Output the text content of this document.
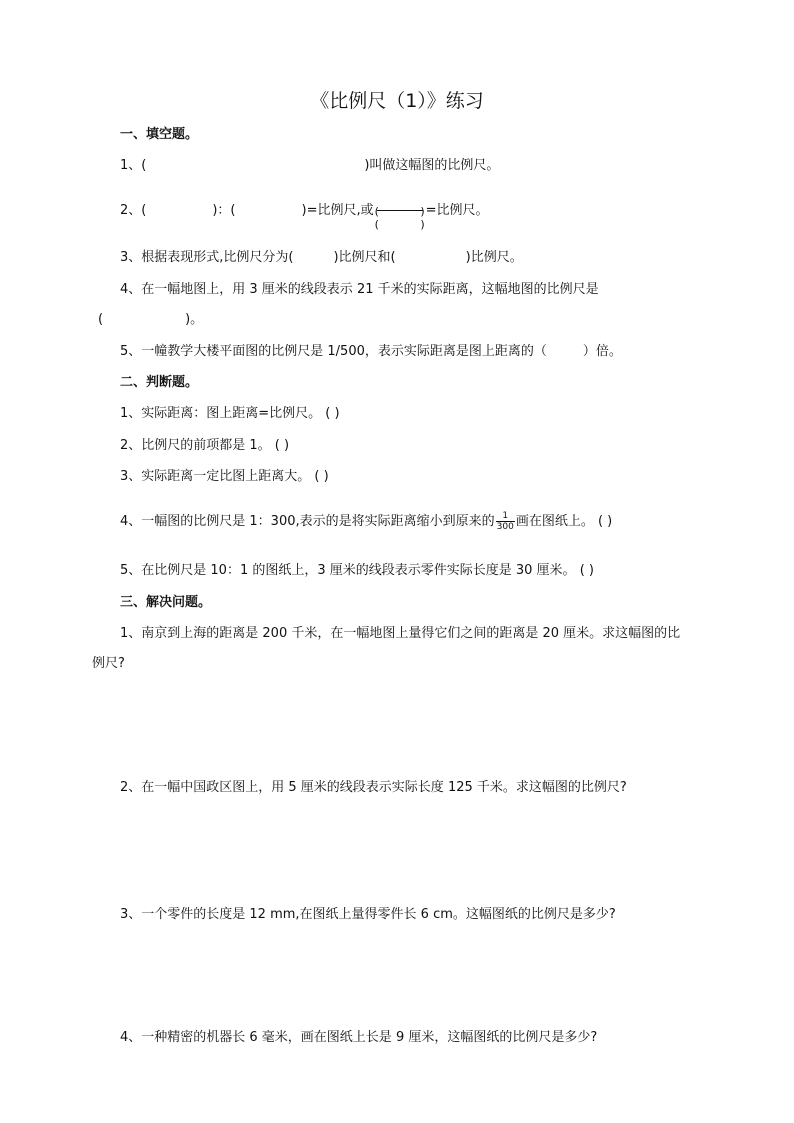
《比例尺（1）》练习
一、填空题。
1、(	)叫做这幅图的比例尺。
2、(	)：(	)=比例尺,或 (	)
(	)
=比例尺。
3、根据表现形式,比例尺分为(	)比例尺和(	)比例尺。
4、在一幅地图上，用 3 厘米的线段表示 21 千米的实际距离，这幅地图的比例尺是
(	)。
5、一幢教学大楼平面图的比例尺是 1/500，表示实际距离是图上距离的（	）倍。
二、判断题。
1、实际距离：图上距离=比例尺。 ( )
2、比例尺的前项都是 1。 ( )
3、实际距离一定比图上距离大。 ( )
4、一幅图的比例尺是 1：300,表示的是将实际距离缩小到原来的 $\frac{1}{300}$ 画在图纸上。 ( )
5、在比例尺是 10：1 的图纸上，3 厘米的线段表示零件实际长度是 30 厘米。 ( )
三、解决问题。
1、南京到上海的距离是 200 千米，在一幅地图上量得它们之间的距离是 20 厘米。求这幅图的比
例尺?
2、在一幅中国政区图上，用 5 厘米的线段表示实际长度 125 千米。求这幅图的比例尺?
3、一个零件的长度是 12 mm,在图纸上量得零件长 6 cm。这幅图纸的比例尺是多少?
4、一种精密的机器长 6 毫米，画在图纸上长是 9 厘米，这幅图纸的比例尺是多少?
